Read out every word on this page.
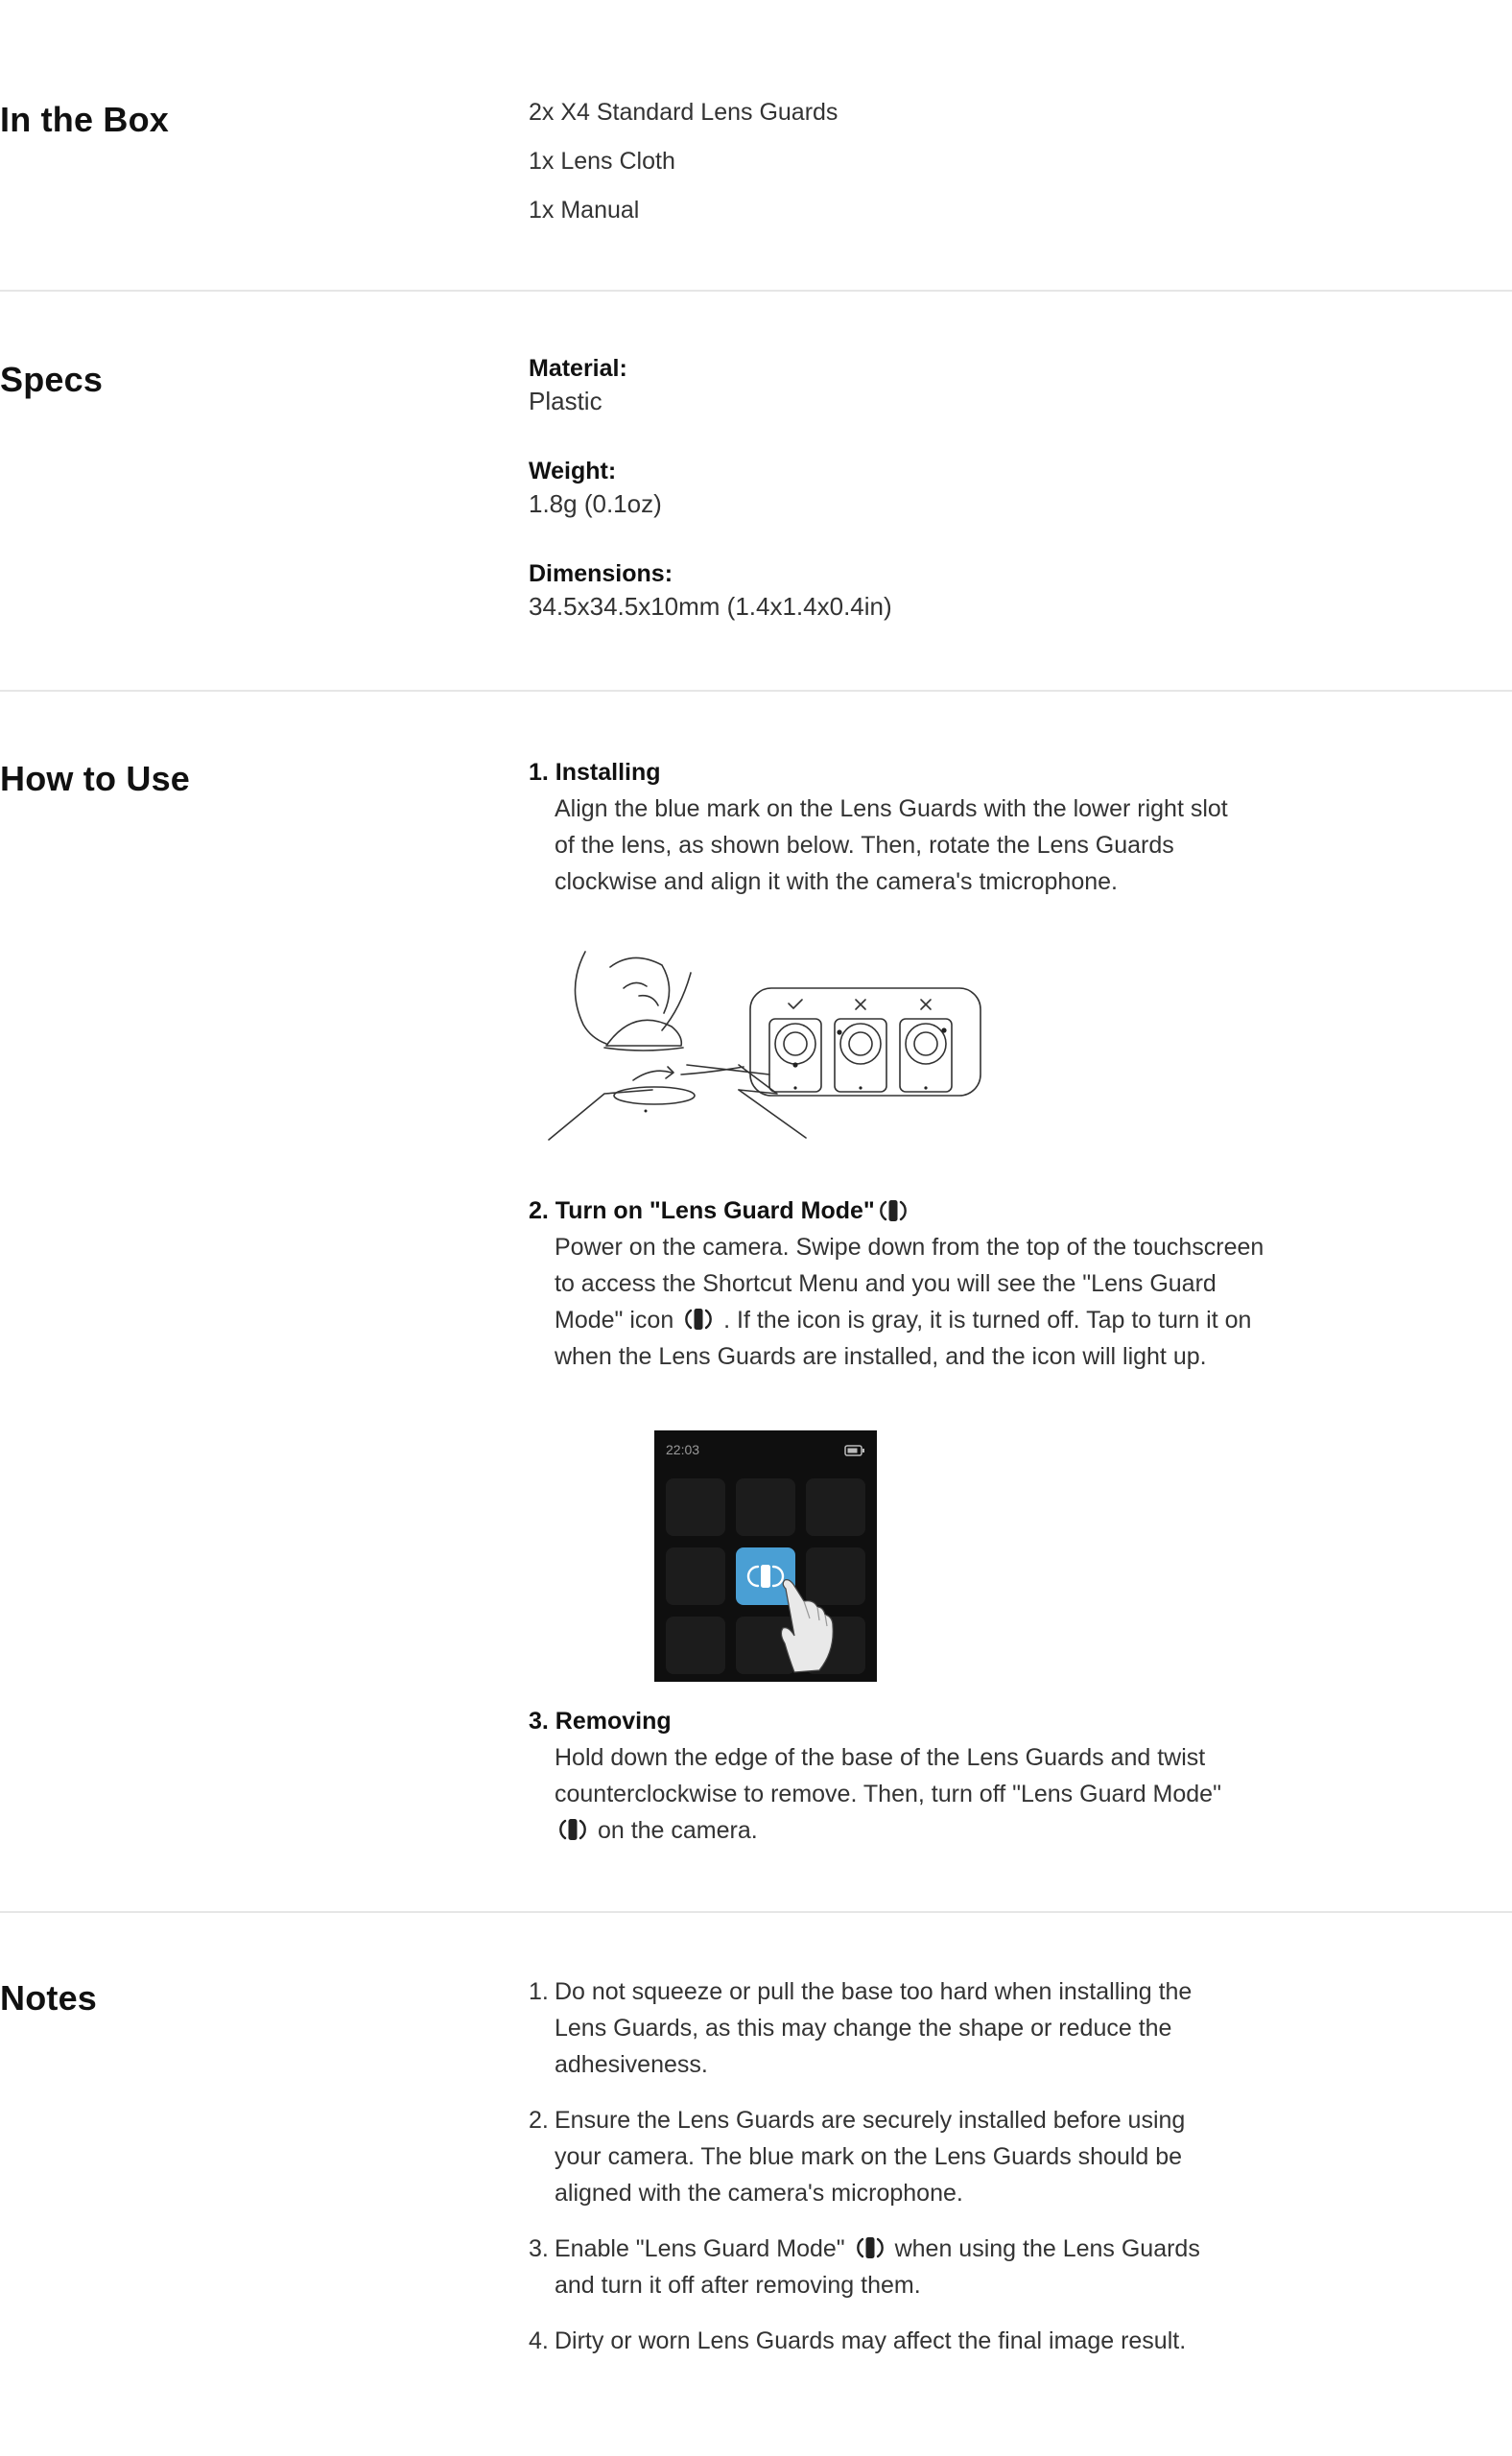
In the Box	2x X4 Standard Lens Guards
1x Lens Cloth
1x Manual
Specs	Material:
Plastic
Weight:
1.8g (0.1oz)
Dimensions:
34.5x34.5x10mm (1.4x1.4x0.4in)
How to Use	1. Installing
Align the blue mark on the Lens Guards with the lower right slot of the lens, as shown below. Then, rotate the Lens Guards clockwise and align it with the camera's tmicrophone.
2. Turn on "Lens Guard Mode"
Power on the camera. Swipe down from the top of the touchscreen to access the Shortcut Menu and you will see the "Lens Guard Mode" icon . If the icon is gray, it is turned off. Tap to turn it on when the Lens Guards are installed, and the icon will light up.
22:03
3. Removing
Hold down the edge of the base of the Lens Guards and twist counterclockwise to remove. Then, turn off "Lens Guard Mode"  on the camera.
Notes	1. Do not squeeze or pull the base too hard when installing the Lens Guards, as this may change the shape or reduce the adhesiveness.
2. Ensure the Lens Guards are securely installed before using your camera. The blue mark on the Lens Guards should be aligned with the camera's microphone.
3. Enable "Lens Guard Mode" when using the Lens Guards and turn it off after removing them.
4. Dirty or worn Lens Guards may affect the final image result.
